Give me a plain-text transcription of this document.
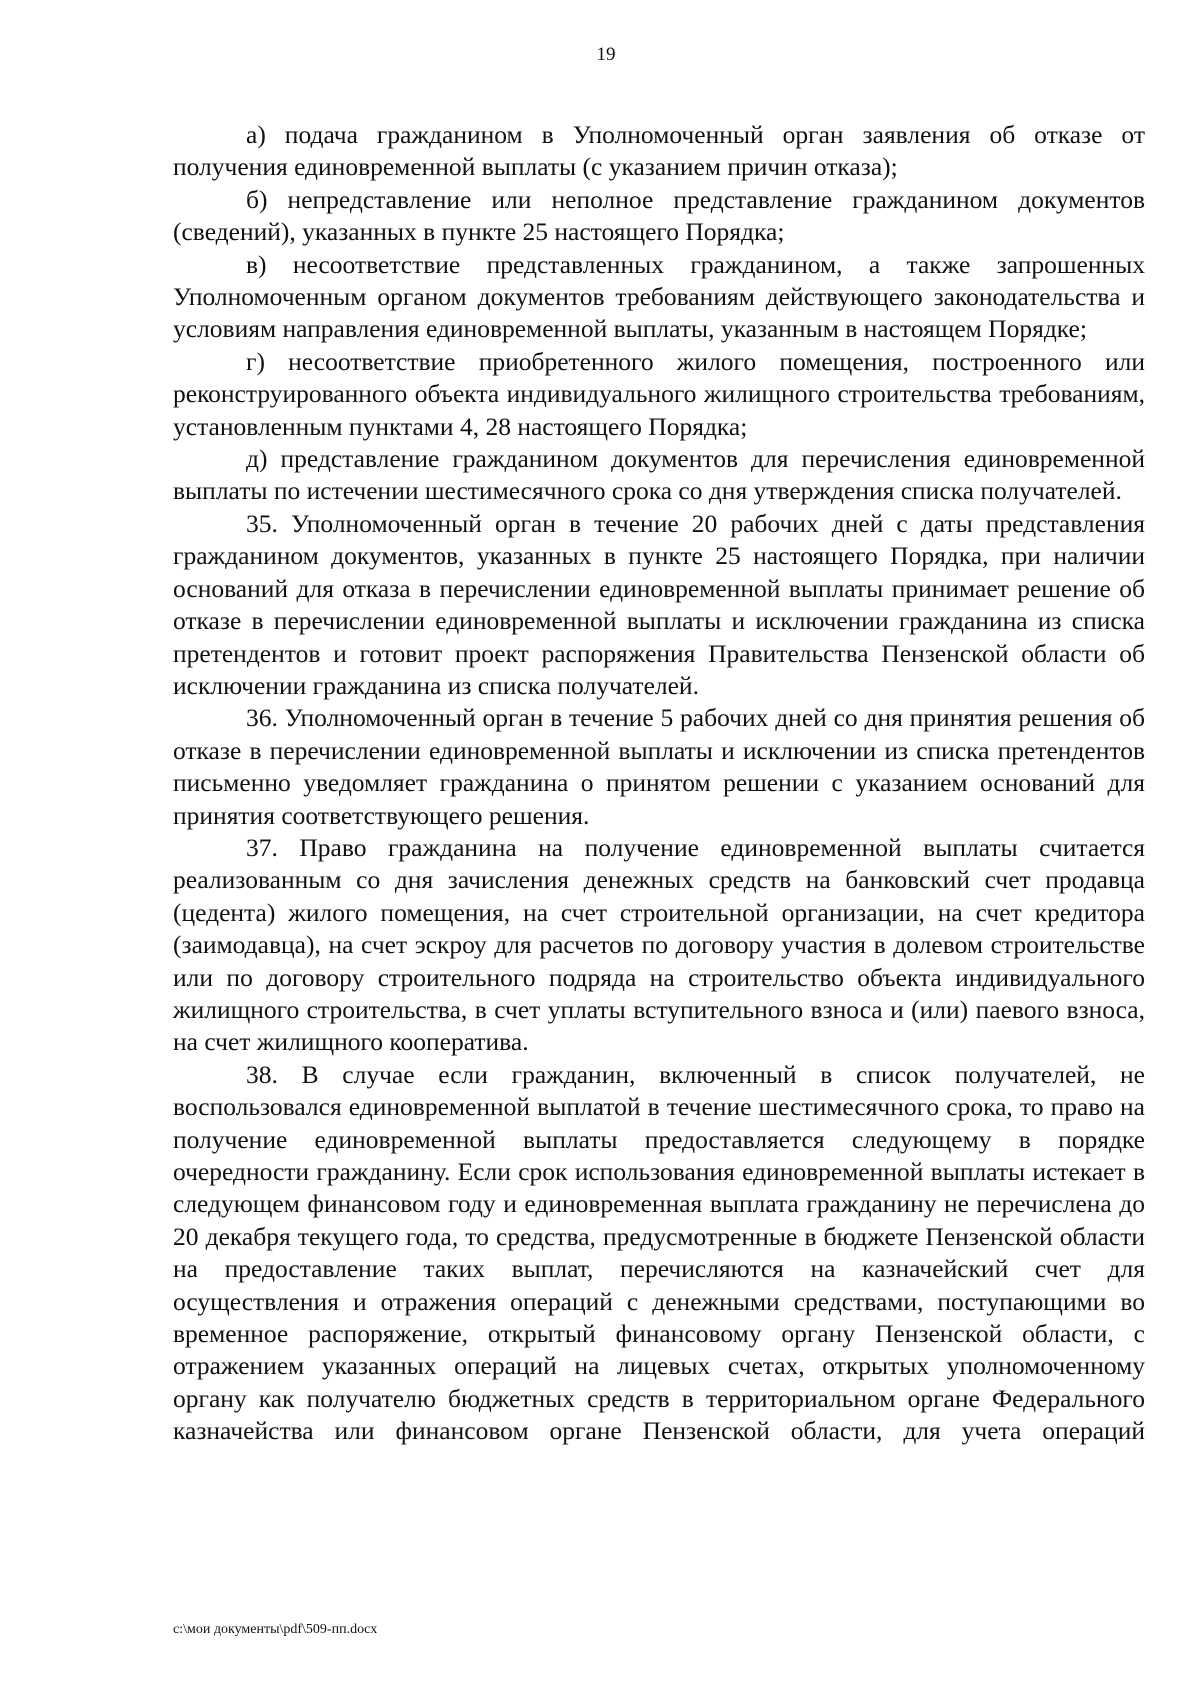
19

а) подача гражданином в Уполномоченный орган заявления об отказе от получения единовременной выплаты (с указанием причин отказа);

б) непредставление или неполное представление гражданином документов (сведений), указанных в пункте 25 настоящего Порядка;

в) несоответствие представленных гражданином, а также запрошенных Уполномоченным органом документов требованиям действующего законодательства и условиям направления единовременной выплаты, указанным в настоящем Порядке;

г) несоответствие приобретенного жилого помещения, построенного или реконструированного объекта индивидуального жилищного строительства требованиям, установленным пунктами 4, 28 настоящего Порядка;

д) представление гражданином документов для перечисления единовременной выплаты по истечении шестимесячного срока со дня утверждения списка получателей.

35. Уполномоченный орган в течение 20 рабочих дней с даты представления гражданином документов, указанных в пункте 25 настоящего Порядка, при наличии оснований для отказа в перечислении единовременной выплаты принимает решение об отказе в перечислении единовременной выплаты и исключении гражданина из списка претендентов и готовит проект распоряжения Правительства Пензенской области об исключении гражданина из списка получателей.

36. Уполномоченный орган в течение 5 рабочих дней со дня принятия решения об отказе в перечислении единовременной выплаты и исключении из списка претендентов письменно уведомляет гражданина о принятом решении с указанием оснований для принятия соответствующего решения.

37. Право гражданина на получение единовременной выплаты считается реализованным со дня зачисления денежных средств на банковский счет продавца (цедента) жилого помещения, на счет строительной организации, на счет кредитора (заимодавца), на счет эскроу для расчетов по договору участия в долевом строительстве или по договору строительного подряда на строительство объекта индивидуального жилищного строительства, в счет уплаты вступительного взноса и (или) паевого взноса, на счет жилищного кооператива.

38. В случае если гражданин, включенный в список получателей, не воспользовался единовременной выплатой в течение шестимесячного срока, то право на получение единовременной выплаты предоставляется следующему в порядке очередности гражданину. Если срок использования единовременной выплаты истекает в следующем финансовом году и единовременная выплата гражданину не перечислена до 20 декабря текущего года, то средства, предусмотренные в бюджете Пензенской области на предоставление таких выплат, перечисляются на казначейский счет для осуществления и отражения операций с денежными средствами, поступающими во временное распоряжение, открытый финансовому органу Пензенской области, с отражением указанных операций на лицевых счетах, открытых уполномоченному органу как получателю бюджетных средств в территориальном органе Федерального казначейства или финансовом органе Пензенской области, для учета операций

c:\мои документы\pdf\509-пп.docx
